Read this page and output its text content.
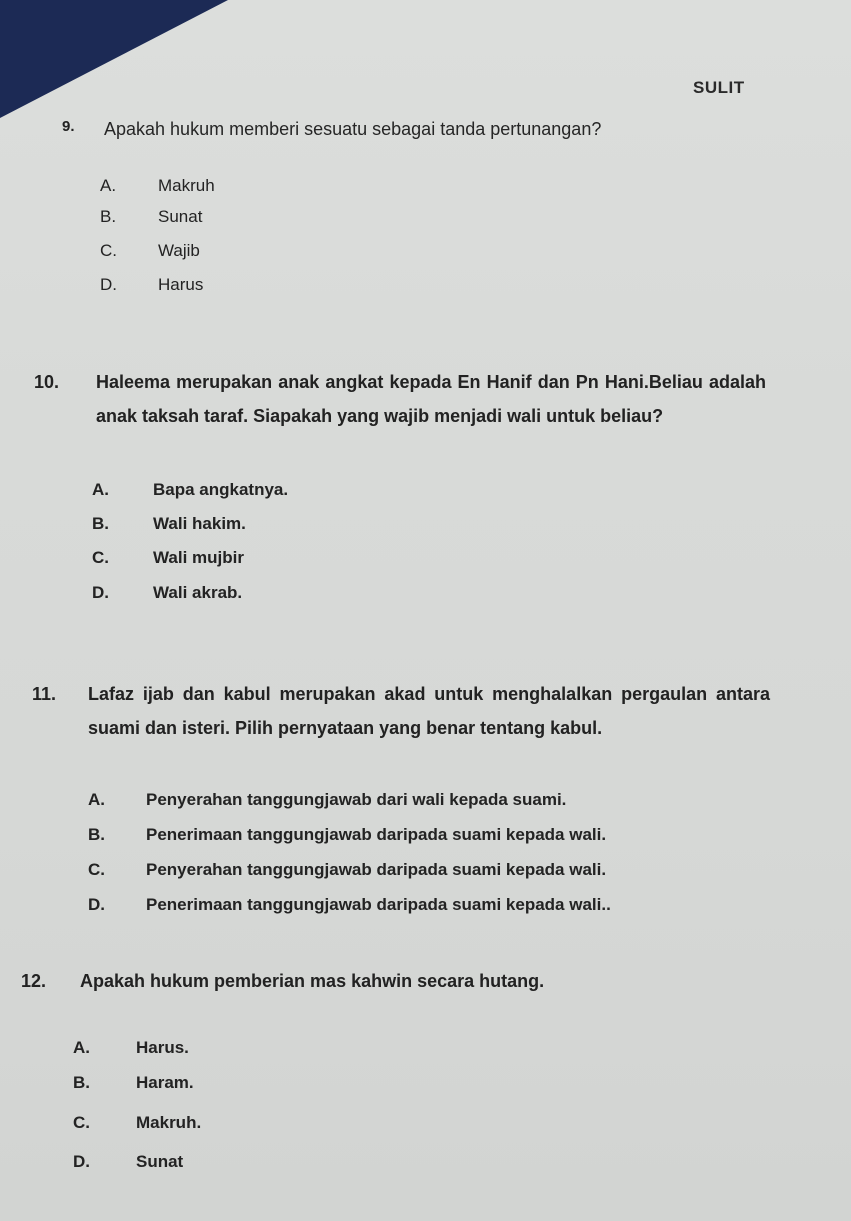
SULIT
9. Apakah hukum memberi sesuatu sebagai tanda pertunangan?
A. Makruh
B. Sunat
C. Wajib
D. Harus
10. Haleema merupakan anak angkat kepada En Hanif dan Pn Hani.Beliau adalah anak taksah taraf. Siapakah yang wajib menjadi wali untuk beliau?
A.	Bapa angkatnya.
B.	Wali hakim.
C.	Wali mujbir
D.	Wali akrab.
11. Lafaz ijab dan kabul merupakan akad untuk menghalalkan pergaulan antara suami dan isteri. Pilih pernyataan yang benar tentang kabul.
A. Penyerahan tanggungjawab dari wali kepada suami.
B. Penerimaan tanggungjawab daripada suami kepada wali.
C. Penyerahan tanggungjawab daripada suami kepada wali.
D. Penerimaan tanggungjawab daripada suami kepada wali..
12. Apakah hukum pemberian mas kahwin secara hutang.
A.	Harus.
B.	Haram.
C.	Makruh.
D.	Sunat
